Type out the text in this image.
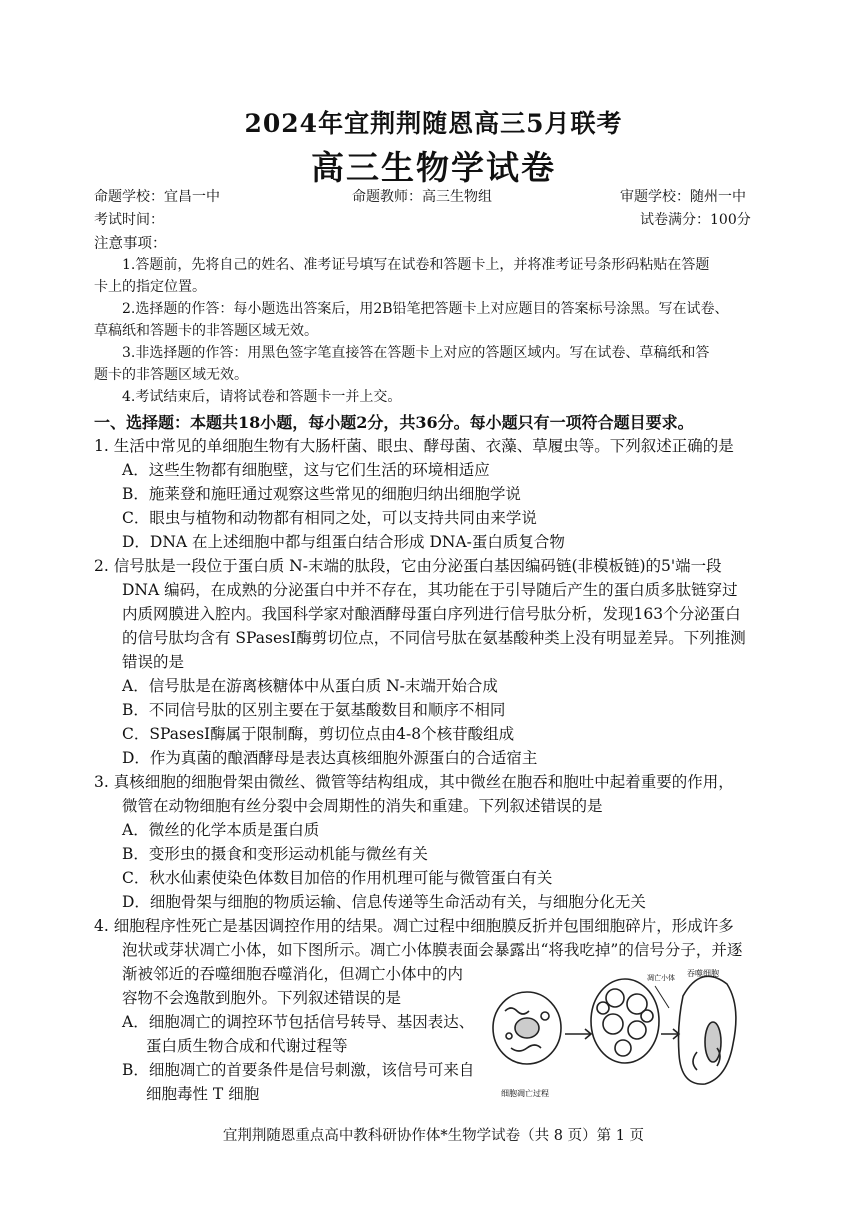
2024年宜荆荆随恩高三5月联考
高三生物学试卷
命题学校：宜昌一中	命题教师：高三生物组	审题学校：随州一中
考试时间：	试卷满分：100分
注意事项：
1.答题前，先将自己的姓名、准考证号填写在试卷和答题卡上，并将准考证号条形码粘贴在答题
卡上的指定位置。
2.选择题的作答：每小题选出答案后，用2B铅笔把答题卡上对应题目的答案标号涂黑。写在试卷、
草稿纸和答题卡的非答题区域无效。
3.非选择题的作答：用黑色签字笔直接答在答题卡上对应的答题区域内。写在试卷、草稿纸和答
题卡的非答题区域无效。
4.考试结束后，请将试卷和答题卡一并上交。
一、选择题：本题共18小题，每小题2分，共36分。每小题只有一项符合题目要求。
1. 生活中常见的单细胞生物有大肠杆菌、眼虫、酵母菌、衣藻、草履虫等。下列叙述正确的是
A．这些生物都有细胞壁，这与它们生活的环境相适应
B．施莱登和施旺通过观察这些常见的细胞归纳出细胞学说
C．眼虫与植物和动物都有相同之处，可以支持共同由来学说
D．DNA 在上述细胞中都与组蛋白结合形成 DNA-蛋白质复合物
2. 信号肽是一段位于蛋白质 N-末端的肽段，它由分泌蛋白基因编码链(非模板链)的5'端一段
DNA 编码，在成熟的分泌蛋白中并不存在，其功能在于引导随后产生的蛋白质多肽链穿过
内质网膜进入腔内。我国科学家对酿酒酵母蛋白序列进行信号肽分析，发现163个分泌蛋白
的信号肽均含有 SPasesI酶剪切位点，不同信号肽在氨基酸种类上没有明显差异。下列推测
错误的是
A．信号肽是在游离核糖体中从蛋白质 N-末端开始合成
B．不同信号肽的区别主要在于氨基酸数目和顺序不相同
C．SPasesI酶属于限制酶，剪切位点由4-8个核苷酸组成
D．作为真菌的酿酒酵母是表达真核细胞外源蛋白的合适宿主
3. 真核细胞的细胞骨架由微丝、微管等结构组成，其中微丝在胞吞和胞吐中起着重要的作用，
微管在动物细胞有丝分裂中会周期性的消失和重建。下列叙述错误的是
A．微丝的化学本质是蛋白质
B．变形虫的摄食和变形运动机能与微丝有关
C．秋水仙素使染色体数目加倍的作用机理可能与微管蛋白有关
D．细胞骨架与细胞的物质运输、信息传递等生命活动有关，与细胞分化无关
4. 细胞程序性死亡是基因调控作用的结果。凋亡过程中细胞膜反折并包围细胞碎片，形成许多
泡状或芽状凋亡小体，如下图所示。凋亡小体膜表面会暴露出“将我吃掉”的信号分子，并逐
渐被邻近的吞噬细胞吞噬消化，但凋亡小体中的内
容物不会逸散到胞外。下列叙述错误的是
A．细胞凋亡的调控环节包括信号转导、基因表达、
蛋白质生物合成和代谢过程等
B．细胞凋亡的首要条件是信号刺激，该信号可来自
细胞毒性 T 细胞
吞噬细胞
凋亡小体
细胞凋亡过程
宜荆荆随恩重点高中教科研协作体*生物学试卷（共 8 页）第 1 页
